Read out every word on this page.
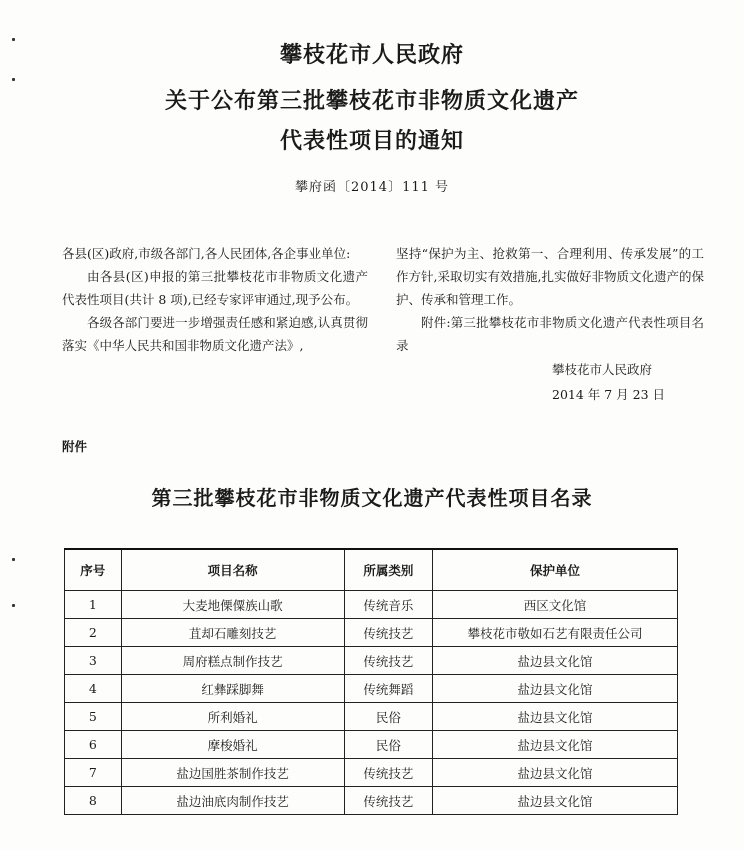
攀枝花市人民政府
关于公布第三批攀枝花市非物质文化遗产
代表性项目的通知
攀府函〔2014〕111 号

各县(区)政府,市级各部门,各人民团体,各企事业单位:

由各县(区)申报的第三批攀枝花市非物质文化遗产代表性项目(共计 8 项),已经专家评审通过,现予公布。

各级各部门要进一步增强责任感和紧迫感,认真贯彻落实《中华人民共和国非物质文化遗产法》,

坚持“保护为主、抢救第一、合理利用、传承发展”的工作方针,采取切实有效措施,扎实做好非物质文化遗产的保护、传承和管理工作。

附件:第三批攀枝花市非物质文化遗产代表性项目名录

攀枝花市人民政府
2014 年 7 月 23 日
附件
第三批攀枝花市非物质文化遗产代表性项目名录
序号	项目名称	所属类别	保护单位
1	大麦地傈僳族山歌	传统音乐	西区文化馆
2	苴却石雕刻技艺	传统技艺	攀枝花市敬如石艺有限责任公司
3	周府糕点制作技艺	传统技艺	盐边县文化馆
4	红彝踩脚舞	传统舞蹈	盐边县文化馆
5	所利婚礼	民俗	盐边县文化馆
6	摩梭婚礼	民俗	盐边县文化馆
7	盐边国胜茶制作技艺	传统技艺	盐边县文化馆
8	盐边油底肉制作技艺	传统技艺	盐边县文化馆
